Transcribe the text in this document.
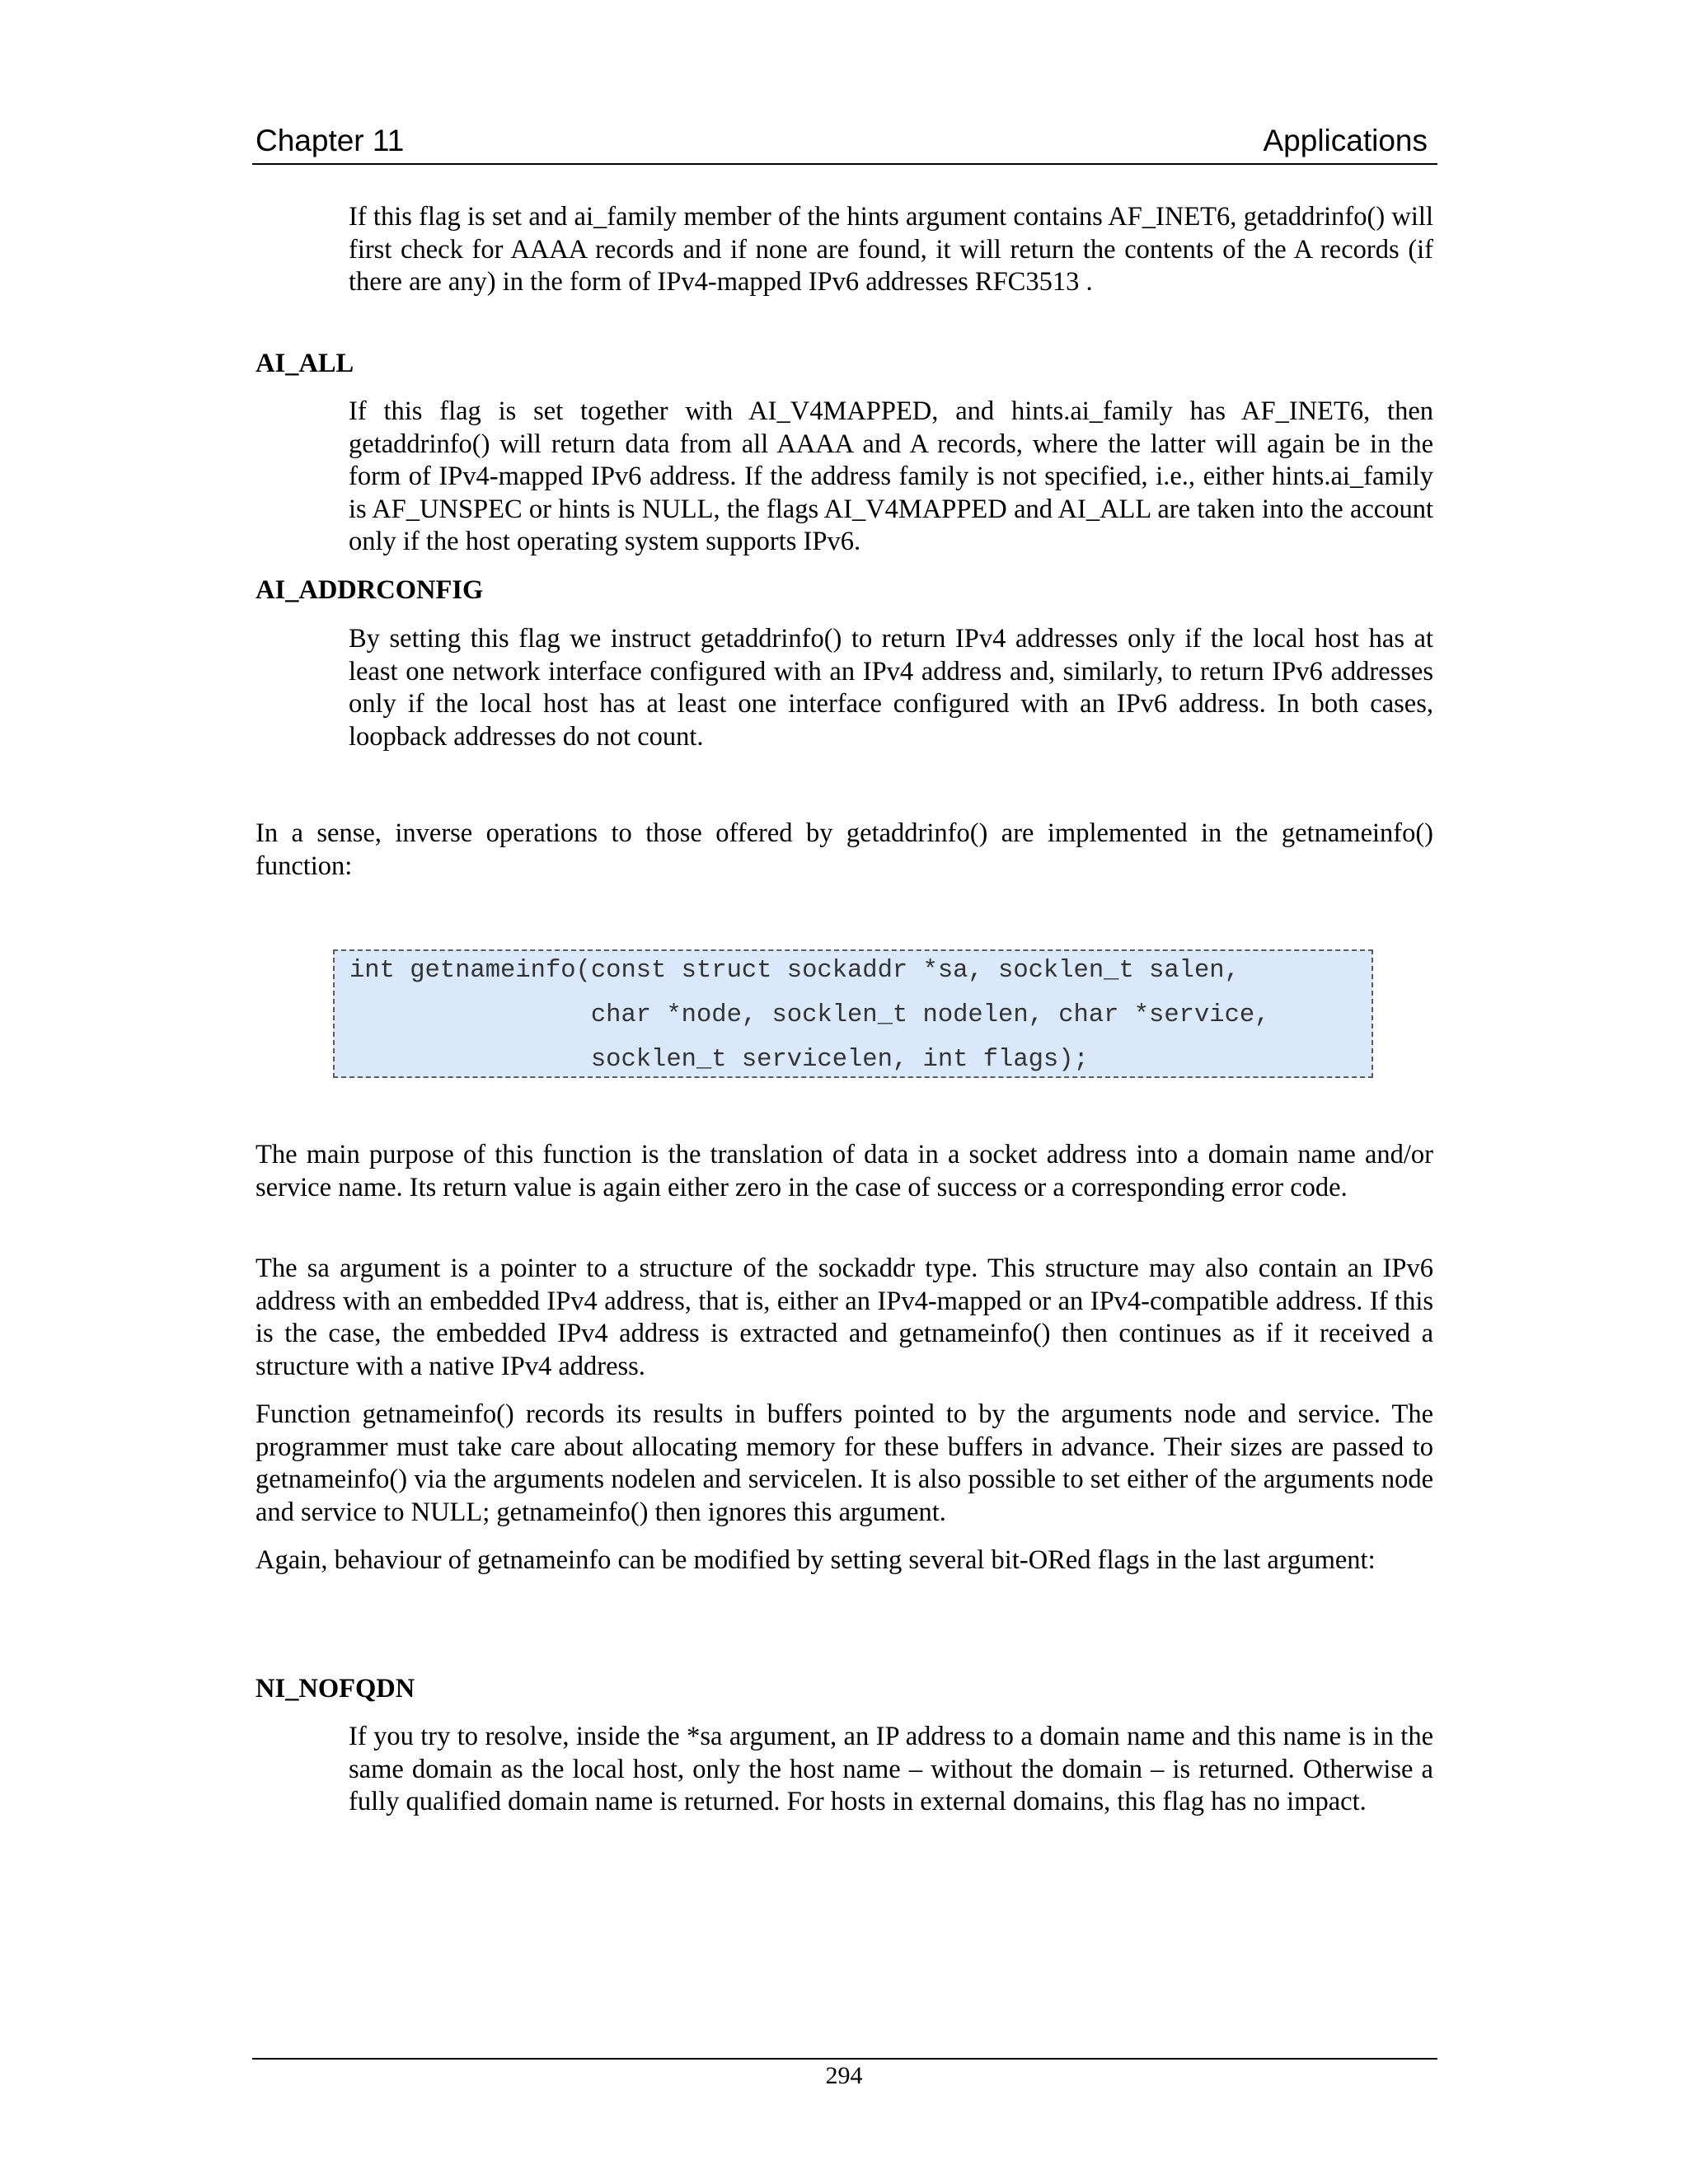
Chapter 11	Applications

If this flag is set and ai_family member of the hints argument contains AF_INET6, getaddrinfo() will first check for AAAA records and if none are found, it will return the contents of the A records (if there are any) in the form of IPv4-mapped IPv6 addresses RFC3513 .

AI_ALL

If this flag is set together with AI_V4MAPPED, and hints.ai_family has AF_INET6, then getaddrinfo() will return data from all AAAA and A records, where the latter will again be in the form of IPv4-mapped IPv6 address. If the address family is not specified, i.e., either hints.ai_family is AF_UNSPEC or hints is NULL, the flags AI_V4MAPPED and AI_ALL are taken into the account only if the host operating system supports IPv6.

AI_ADDRCONFIG

By setting this flag we instruct getaddrinfo() to return IPv4 addresses only if the local host has at least one network interface configured with an IPv4 address and, similarly, to return IPv6 addresses only if the local host has at least one interface configured with an IPv6 address. In both cases, loopback addresses do not count.

In a sense, inverse operations to those offered by getaddrinfo() are implemented in the getnameinfo() function:

int getnameinfo(const struct sockaddr *sa, socklen_t salen,
char *node, socklen_t nodelen, char *service,
socklen_t servicelen, int flags);

The main purpose of this function is the translation of data in a socket address into a domain name and/or service name. Its return value is again either zero in the case of success or a corresponding error code.

The sa argument is a pointer to a structure of the sockaddr type. This structure may also contain an IPv6 address with an embedded IPv4 address, that is, either an IPv4-mapped or an IPv4-compatible address. If this is the case, the embedded IPv4 address is extracted and getnameinfo() then continues as if it received a structure with a native IPv4 address.

Function getnameinfo() records its results in buffers pointed to by the arguments node and service. The programmer must take care about allocating memory for these buffers in advance. Their sizes are passed to getnameinfo() via the arguments nodelen and servicelen. It is also possible to set either of the arguments node and service to NULL; getnameinfo() then ignores this argument.

Again, behaviour of getnameinfo can be modified by setting several bit-ORed flags in the last argument:

NI_NOFQDN

If you try to resolve, inside the *sa argument, an IP address to a domain name and this name is in the same domain as the local host, only the host name – without the domain – is returned. Otherwise a fully qualified domain name is returned. For hosts in external domains, this flag has no impact.

294
